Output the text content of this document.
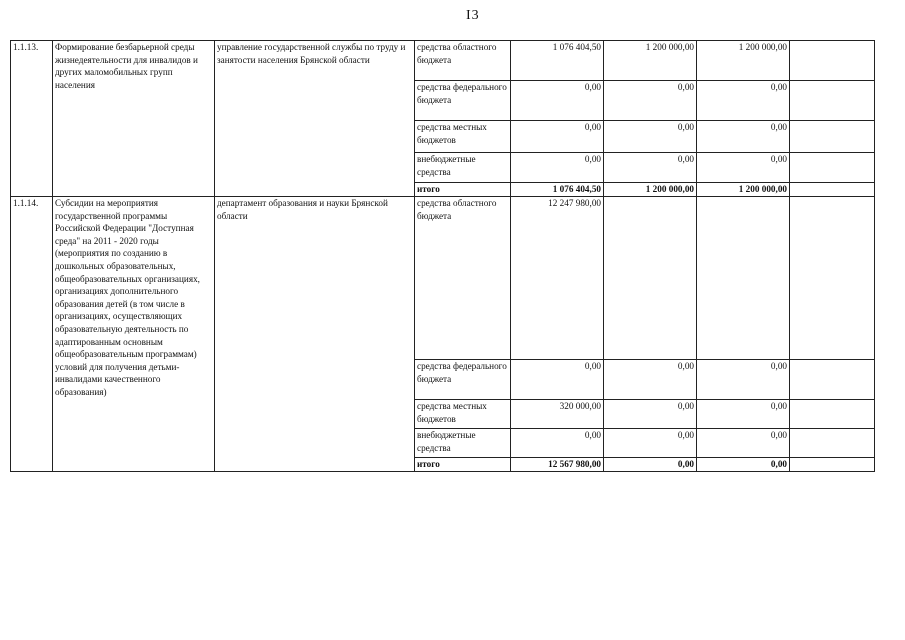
I3
1.1.13.	Формирование безбарьерной среды жизнедеятельности для инвалидов и других маломобильных групп населения	управление государственной службы по труду и занятости населения Брянской области	средства областного бюджета	1 076 404,50	1 200 000,00	1 200 000,00	
			средства федерального бюджета	0,00	0,00	0,00	
			средства местных бюджетов	0,00	0,00	0,00	
			внебюджетные средства	0,00	0,00	0,00	
			итого	1 076 404,50	1 200 000,00	1 200 000,00	
1.1.14.	Субсидии на мероприятия государственной программы Российской Федерации "Доступная среда" на 2011 - 2020 годы (мероприятия по созданию в дошкольных образовательных, общеобразовательных организациях, организациях дополнительного образования детей (в том числе в организациях, осуществляющих образовательную деятельность по адаптированным основным общеобразовательным программам) условий для получения детьми-инвалидами качественного образования)	департамент образования и науки Брянской области	средства областного бюджета	12 247 980,00			
			средства федерального бюджета	0,00	0,00	0,00	
			средства местных бюджетов	320 000,00	0,00	0,00	
			внебюджетные средства	0,00	0,00	0,00	
			итого	12 567 980,00	0,00	0,00	
